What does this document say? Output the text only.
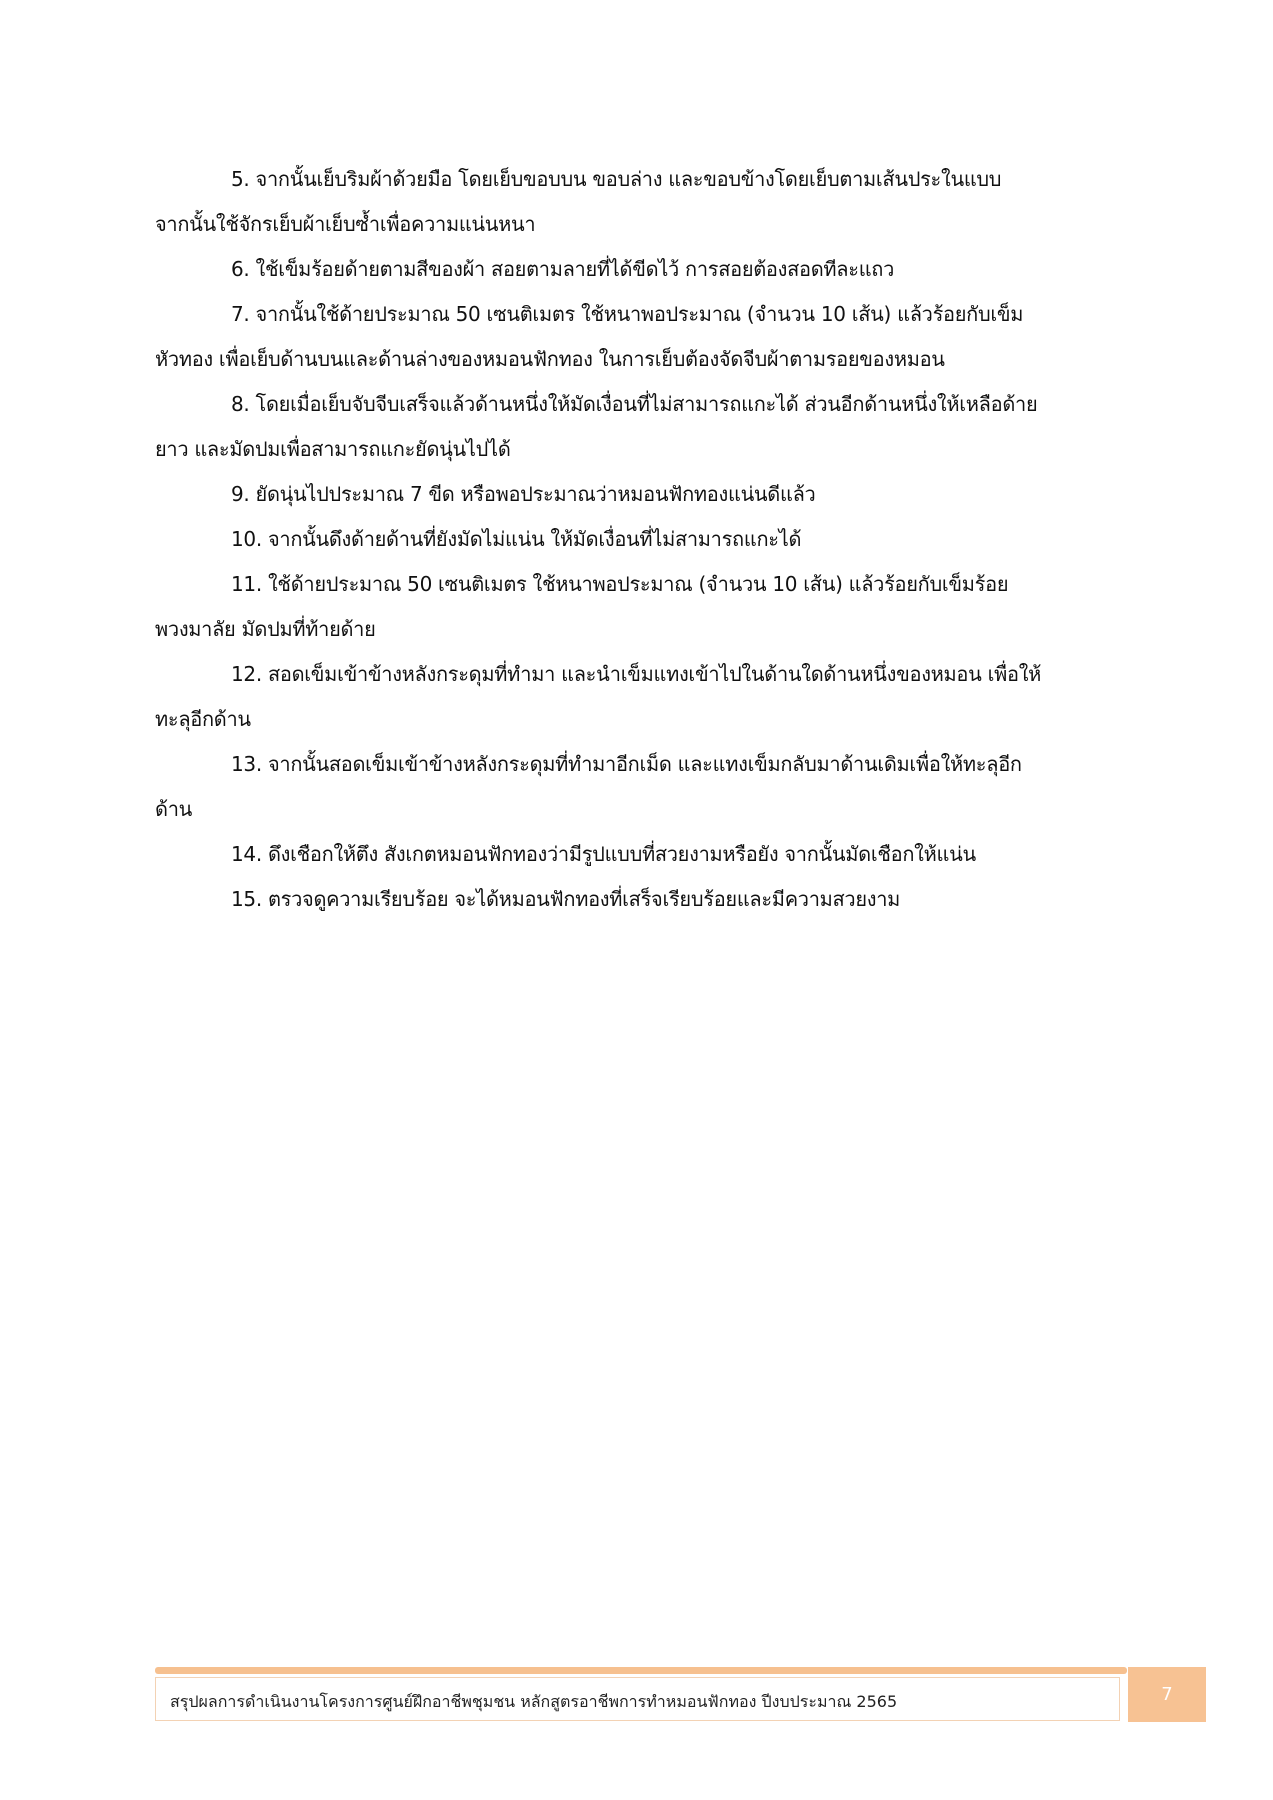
5. จากนั้นเย็บริมผ้าด้วยมือ โดยเย็บขอบบน ขอบล่าง และขอบข้างโดยเย็บตามเส้นประในแบบ
จากนั้นใช้จักรเย็บผ้าเย็บซ้ำเพื่อความแน่นหนา
6. ใช้เข็มร้อยด้ายตามสีของผ้า สอยตามลายที่ได้ขีดไว้ การสอยต้องสอดทีละแถว
7. จากนั้นใช้ด้ายประมาณ 50 เซนติเมตร ใช้หนาพอประมาณ (จำนวน 10 เส้น) แล้วร้อยกับเข็ม
หัวทอง เพื่อเย็บด้านบนและด้านล่างของหมอนฟักทอง ในการเย็บต้องจัดจีบผ้าตามรอยของหมอน
8. โดยเมื่อเย็บจับจีบเสร็จแล้วด้านหนึ่งให้มัดเงื่อนที่ไม่สามารถแกะได้ ส่วนอีกด้านหนึ่งให้เหลือด้าย
ยาว และมัดปมเพื่อสามารถแกะยัดนุ่นไปได้
9. ยัดนุ่นไปประมาณ 7 ขีด หรือพอประมาณว่าหมอนฟักทองแน่นดีแล้ว
10. จากนั้นดึงด้ายด้านที่ยังมัดไม่แน่น ให้มัดเงื่อนที่ไม่สามารถแกะได้
11. ใช้ด้ายประมาณ 50 เซนติเมตร ใช้หนาพอประมาณ (จำนวน 10 เส้น) แล้วร้อยกับเข็มร้อย
พวงมาลัย มัดปมที่ท้ายด้าย
12. สอดเข็มเข้าข้างหลังกระดุมที่ทำมา และนำเข็มแทงเข้าไปในด้านใดด้านหนึ่งของหมอน เพื่อให้
ทะลุอีกด้าน
13. จากนั้นสอดเข็มเข้าข้างหลังกระดุมที่ทำมาอีกเม็ด และแทงเข็มกลับมาด้านเดิมเพื่อให้ทะลุอีก
ด้าน
14. ดึงเชือกให้ตึง สังเกตหมอนฟักทองว่ามีรูปแบบที่สวยงามหรือยัง จากนั้นมัดเชือกให้แน่น
15. ตรวจดูความเรียบร้อย จะได้หมอนฟักทองที่เสร็จเรียบร้อยและมีความสวยงาม
สรุปผลการดำเนินงานโครงการศูนย์ฝึกอาชีพชุมชน หลักสูตรอาชีพการทำหมอนฟักทอง ปีงบประมาณ 2565	7
